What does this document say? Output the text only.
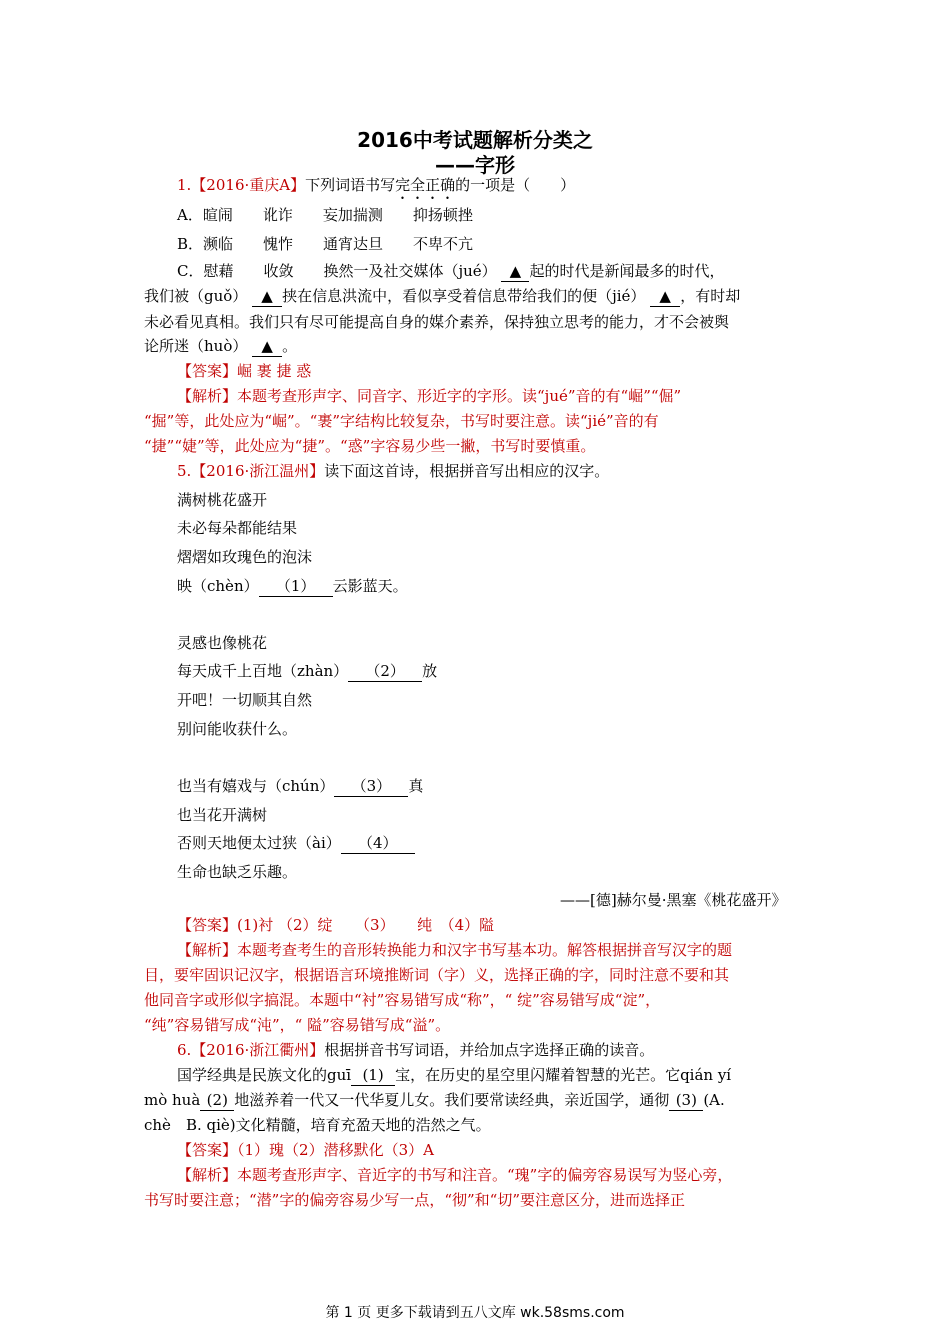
2016中考试题解析分类之
——字形
1.【2016·重庆A】下列词语书写完全正确的一项是（　　）
A．暄闹　　讹诈　　妄加揣测　　抑扬顿挫
B．濒临　　愧怍　　通宵达旦　　不卑不亢
C．慰藉　　收敛　　换然一及社交媒体（jué） ▲ 起的时代是新闻最多的时代，
我们被（guǒ） ▲ 挟在信息洪流中，看似享受着信息带给我们的便（jié） ▲ ，有时却
未必看见真相。我们只有尽可能提高自身的媒介素养，保持独立思考的能力，才不会被舆
论所迷（huò） ▲ 。
【答案】崛 裹 捷 惑
【解析】本题考查形声字、同音字、形近字的字形。读“jué”音的有“崛”“倔”
“掘”等，此处应为“崛”。“裹”字结构比较复杂，书写时要注意。读“jié”音的有
“捷”“婕”等，此处应为“捷”。“惑”字容易少些一撇，书写时要慎重。
5.【2016·浙江温州】读下面这首诗，根据拼音写出相应的汉字。
满树桃花盛开
未必每朵都能结果
熠熠如玫瑰色的泡沫
映（chèn） （1） 云影蓝天。
灵感也像桃花
每天成千上百地（zhàn） （2） 放
开吧！一切顺其自然
别问能收获什么。
也当有嬉戏与（chún） （3） 真
也当花开满树
否则天地便太过狭（ài） （4）
生命也缺乏乐趣。
——[德]赫尔曼·黑塞《桃花盛开》
【答案】(1)衬 （2）绽　　（3）　　纯　（4）隘
【解析】本题考查考生的音形转换能力和汉字书写基本功。解答根据拼音写汉字的题
目，要牢固识记汉字，根据语言环境推断词（字）义，选择正确的字，同时注意不要和其
他同音字或形似字搞混。本题中“衬”容易错写成“称”，“ 绽”容易错写成“淀”，
“纯”容易错写成“沌”，“ 隘”容易错写成“溢”。
6.【2016·浙江衢州】根据拼音书写词语，并给加点字选择正确的读音。
国学经典是民族文化的guī (1) 宝，在历史的星空里闪耀着智慧的光芒。它qián yí
mò huà (2) 地滋养着一代又一代华夏儿女。我们要常读经典，亲近国学，通彻 (3) (A.
chè　B. qiè)文化精髓，培育充盈天地的浩然之气。
【答案】（1）瑰（2）潜移默化（3）A
【解析】本题考查形声字、音近字的书写和注音。“瑰”字的偏旁容易误写为竖心旁，
书写时要注意；“潜”字的偏旁容易少写一点，“彻”和“切”要注意区分，进而选择正
第 1 页 更多下载请到五八文库 wk.58sms.com
